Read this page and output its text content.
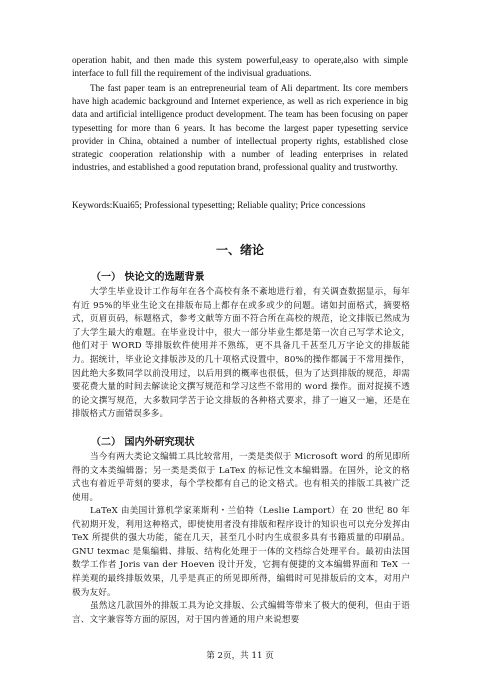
operation habit, and then made this system powerful,easy to operate,also with simple interface to full fill the requirement of the indivisual graduations.

The fast paper team is an entrepreneurial team of Ali department. Its core members have high academic background and Internet experience, as well as rich experience in big data and artificial intelligence product development. The team has been focusing on paper typesetting for more than 6 years. It has become the largest paper typesetting service provider in China, obtained a number of intellectual property rights, established close strategic cooperation relationship with a number of leading enterprises in related industries, and established a good reputation brand, professional quality and trustworthy.

Keywords:Kuai65; Professional typesetting; Reliable quality; Price concessions

一、绪论
（一） 快论文的选题背景

大学生毕业设计工作每年在各个高校有条不紊地进行着，有关调查数据显示，每年有近 95%的毕业生论文在排版布局上都存在或多或少的问题。诸如封面格式，摘要格式，页眉页码，标题格式，参考文献等方面不符合所在高校的规范，论文排版已然成为了大学生最大的难题。在毕业设计中，很大一部分毕业生都是第一次自己写学术论文，他们对于 WORD 等排版软件使用并不熟练，更不具备几千甚至几万字论文的排版能力。据统计，毕业论文排版涉及的几十项格式设置中，80%的操作都属于不常用操作，因此绝大多数同学以前没用过，以后用到的概率也很低，但为了达到排版的规范，却需要花费大量的时间去解读论文撰写规范和学习这些不常用的 word 操作。面对捉摸不透的论文撰写规范，大多数同学苦于论文排版的各种格式要求，排了一遍又一遍，还是在排版格式方面错误多多。

（二） 国内外研究现状

当今有两大类论文编辑工具比较常用，一类是类似于 Microsoft word 的所见即所得的文本类编辑器；另一类是类似于 LaTex 的标记性文本编辑器。在国外，论文的格式也有着近乎苛刻的要求，每个学校都有自己的论文格式。也有相关的排版工具被广泛使用。

LaTeX 由美国计算机学家莱斯利・兰伯特（Leslie Lamport）在 20 世纪 80 年代初期开发，利用这种格式，即使使用者没有排版和程序设计的知识也可以充分发挥由 TeX 所提供的强大功能，能在几天，甚至几小时内生成很多具有书籍质量的印刷品。GNU texmac 是集编辑、排版、结构化处理于一体的文档综合处理平台。最初由法国数学工作者 Joris van der Hoeven 设计开发，它拥有便捷的文本编辑界面和 TeX 一样美观的最终排版效果，几乎是真正的所见即所得，编辑时可见排版后的文本，对用户极为友好。

虽然这几款国外的排版工具为论文排版、公式编辑等带来了极大的便利，但由于语言、文字兼容等方面的原因，对于国内普通的用户来说想要

第 2页，共 11 页
